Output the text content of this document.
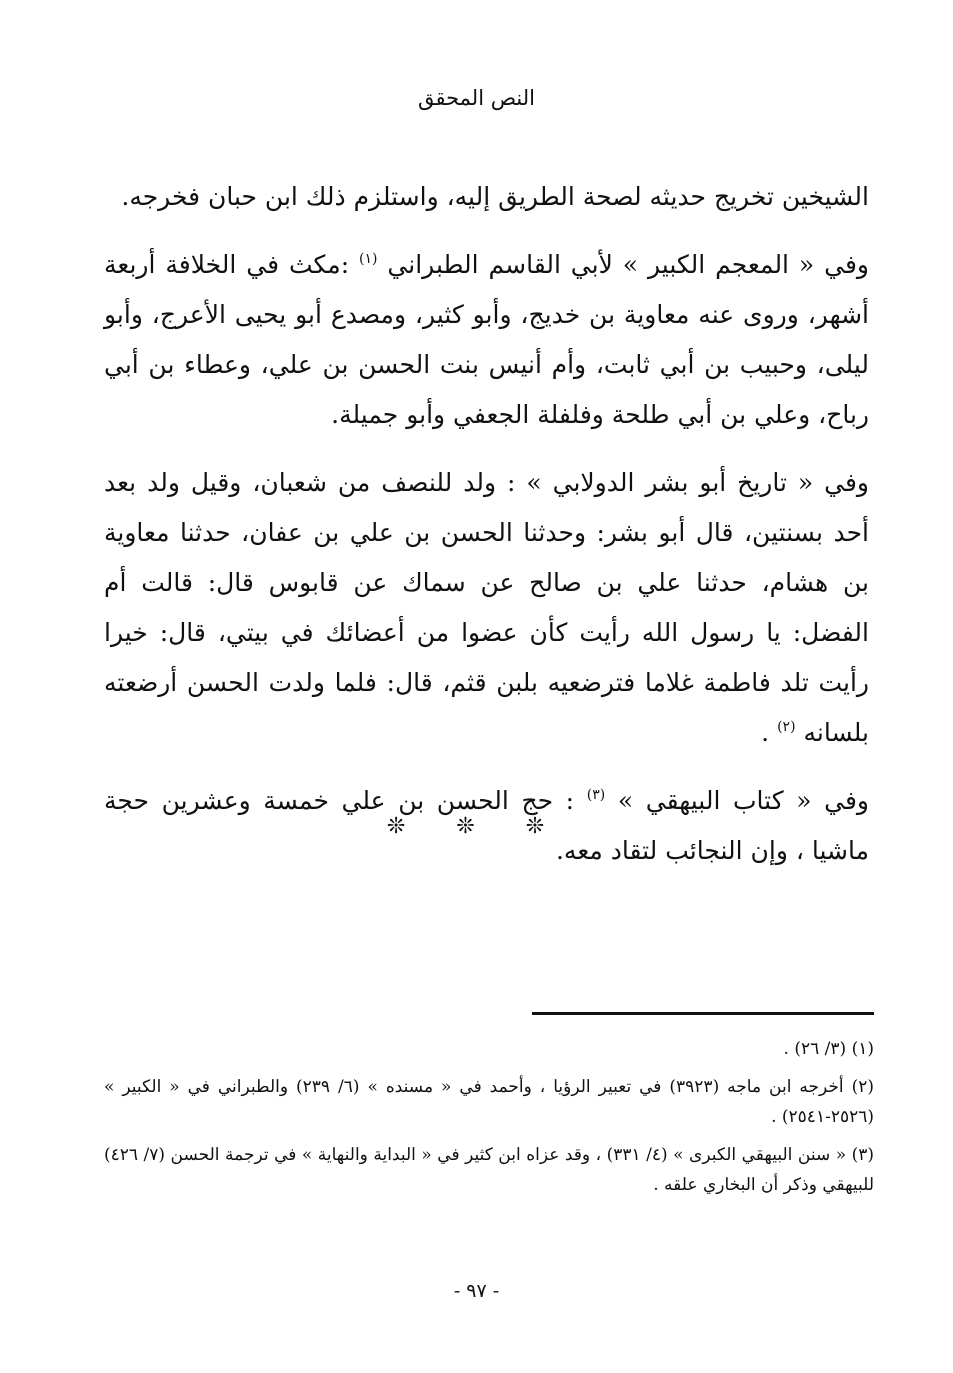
النص المحقق

الشيخين تخريج حديثه لصحة الطريق إليه، واستلزم ذلك ابن حبان فخرجه.

وفي « المعجم الكبير » لأبي القاسم الطبراني $^{(١)}$ :مكث في الخلافة أربعة أشهر، وروى عنه معاوية بن خديج، وأبو كثير، ومصدع أبو يحيى الأعرج، وأبو ليلى، وحبيب بن أبي ثابت، وأم أنيس بنت الحسن بن علي، وعطاء بن أبي رباح، وعلي بن أبي طلحة وفلفلة الجعفي وأبو جميلة.

وفي « تاريخ أبو بشر الدولابي » : ولد للنصف من شعبان، وقيل ولد بعد أحد بسنتين، قال أبو بشر: وحدثنا الحسن بن علي بن عفان، حدثنا معاوية بن هشام، حدثنا علي بن صالح عن سماك عن قابوس قال: قالت أم الفضل: يا رسول الله رأيت كأن عضوا من أعضائك في بيتي، قال: خيرا رأيت تلد فاطمة غلاما فترضعيه بلبن قثم، قال: فلما ولدت الحسن أرضعته بلسانه $^{(٢)}$ .

وفي « كتاب البيهقي » $^{(٣)}$ : حج الحسن بن علي خمسة وعشرين حجة ماشيا ، وإن النجائب لتقاد معه.

❊ ❊ ❊

(١) (٣/ ٢٦) .

(٢) أخرجه ابن ماجه (٣٩٢٣) في تعبير الرؤيا ، وأحمد في « مسنده » (٦/ ٢٣٩) والطبراني في « الكبير » (٢٥٢٦-٢٥٤١) .

(٣) « سنن البيهقي الكبرى » (٤/ ٣٣١) ، وقد عزاه ابن كثير في « البداية والنهاية » في ترجمة الحسن (٧/ ٤٢٦) للبيهقي وذكر أن البخاري علقه .

- ٩٧ -
